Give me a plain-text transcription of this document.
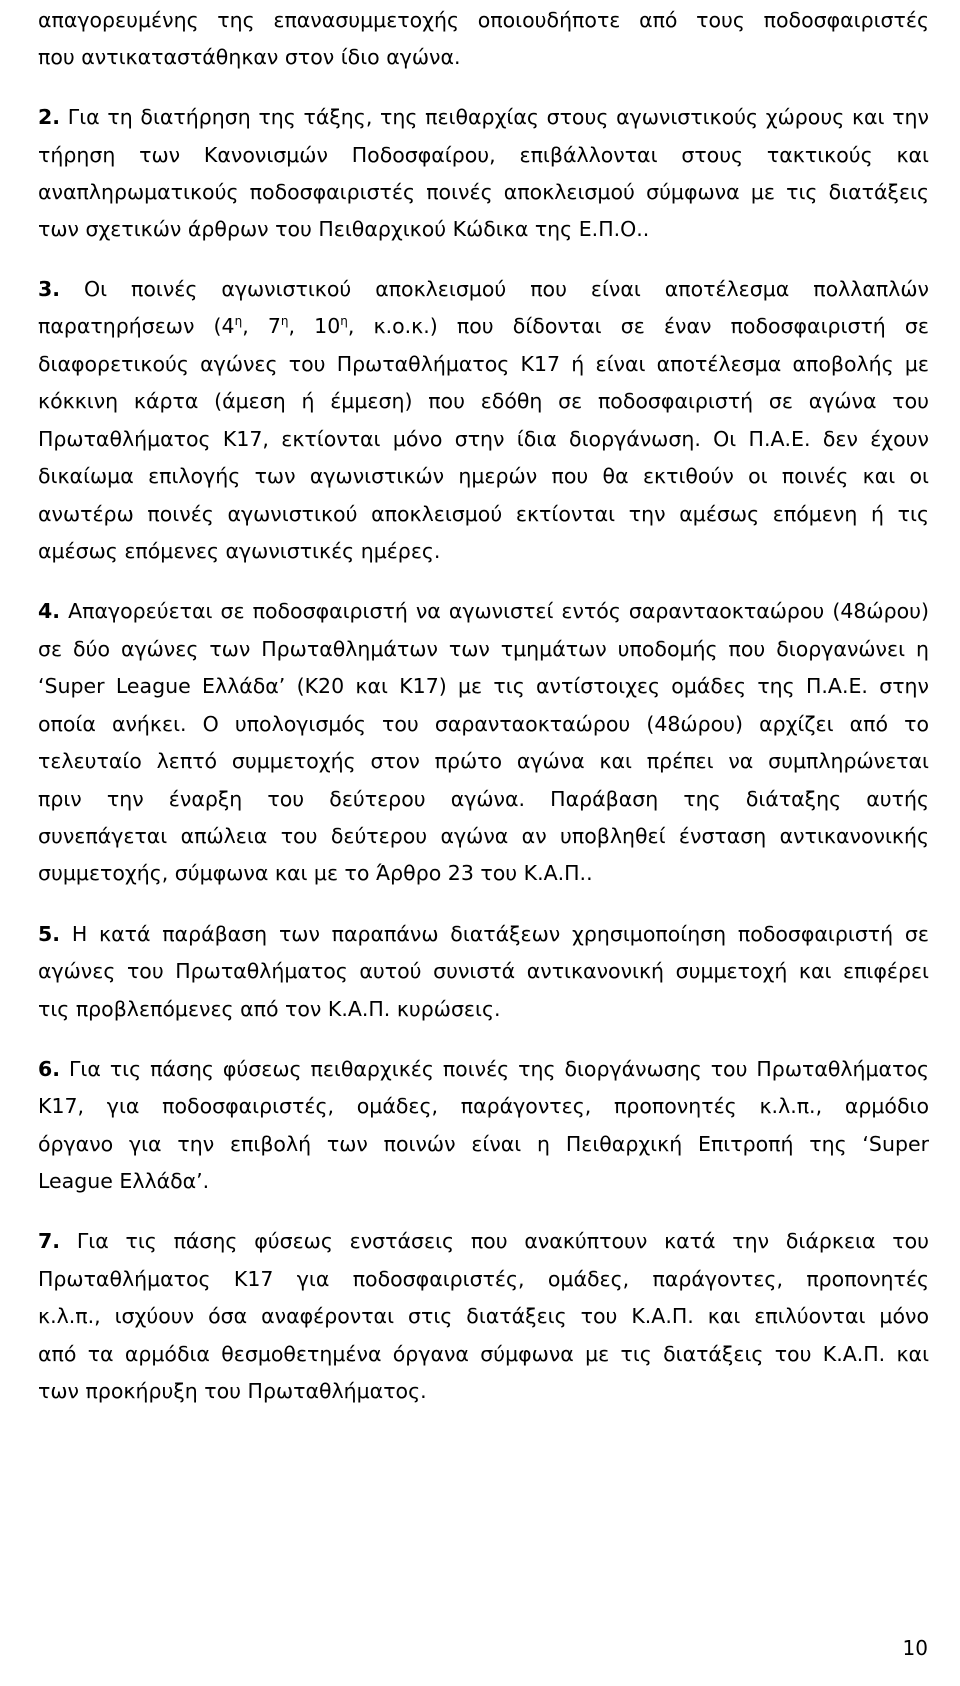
απαγορευμένης της επανασυμμετοχής οποιουδήποτε από τους ποδοσφαιριστές
που αντικαταστάθηκαν στον ίδιο αγώνα.
2. Για τη διατήρηση της τάξης, της πειθαρχίας στους αγωνιστικούς χώρους και την
τήρηση των Κανονισμών Ποδοσφαίρου, επιβάλλονται στους τακτικούς και
αναπληρωματικούς ποδοσφαιριστές ποινές αποκλεισμού σύμφωνα με τις διατάξεις
των σχετικών άρθρων του Πειθαρχικού Κώδικα της Ε.Π.Ο..
3. Οι ποινές αγωνιστικού αποκλεισμού που είναι αποτέλεσμα πολλαπλών
παρατηρήσεων ($4^\eta$, $7^\eta$, $10^\eta$, κ.ο.κ.) που δίδονται σε έναν ποδοσφαιριστή σε
διαφορετικούς αγώνες του Πρωταθλήματος Κ17 ή είναι αποτέλεσμα αποβολής με
κόκκινη κάρτα (άμεση ή έμμεση) που εδόθη σε ποδοσφαιριστή σε αγώνα του
Πρωταθλήματος Κ17, εκτίονται μόνο στην ίδια διοργάνωση. Οι Π.Α.Ε. δεν έχουν
δικαίωμα επιλογής των αγωνιστικών ημερών που θα εκτιθούν οι ποινές και οι
ανωτέρω ποινές αγωνιστικού αποκλεισμού εκτίονται την αμέσως επόμενη ή τις
αμέσως επόμενες αγωνιστικές ημέρες.
4. Απαγορεύεται σε ποδοσφαιριστή να αγωνιστεί εντός σαρανταοκταώρου (48ώρου)
σε δύο αγώνες των Πρωταθλημάτων των τμημάτων υποδομής που διοργανώνει η
‘Super League Ελλάδα’ (Κ20 και Κ17) με τις αντίστοιχες ομάδες της Π.Α.Ε. στην
οποία ανήκει. Ο υπολογισμός του σαρανταοκταώρου (48ώρου) αρχίζει από το
τελευταίο λεπτό συμμετοχής στον πρώτο αγώνα και πρέπει να συμπληρώνεται
πριν την έναρξη του δεύτερου αγώνα. Παράβαση της διάταξης αυτής
συνεπάγεται απώλεια του δεύτερου αγώνα αν υποβληθεί ένσταση αντικανονικής
συμμετοχής, σύμφωνα και με το Άρθρο 23 του Κ.Α.Π..
5. Η κατά παράβαση των παραπάνω διατάξεων χρησιμοποίηση ποδοσφαιριστή σε
αγώνες του Πρωταθλήματος αυτού συνιστά αντικανονική συμμετοχή και επιφέρει
τις προβλεπόμενες από τον Κ.Α.Π. κυρώσεις.
6. Για τις πάσης φύσεως πειθαρχικές ποινές της διοργάνωσης του Πρωταθλήματος
Κ17, για ποδοσφαιριστές, ομάδες, παράγοντες, προπονητές κ.λ.π., αρμόδιο
όργανο για την επιβολή των ποινών είναι η Πειθαρχική Επιτροπή της ‘Super
League Ελλάδα’.
7. Για τις πάσης φύσεως ενστάσεις που ανακύπτουν κατά την διάρκεια του
Πρωταθλήματος Κ17 για ποδοσφαιριστές, ομάδες, παράγοντες, προπονητές
κ.λ.π., ισχύουν όσα αναφέρονται στις διατάξεις του Κ.Α.Π. και επιλύονται μόνο
από τα αρμόδια θεσμοθετημένα όργανα σύμφωνα με τις διατάξεις του Κ.Α.Π. και
των προκήρυξη του Πρωταθλήματος.
10
